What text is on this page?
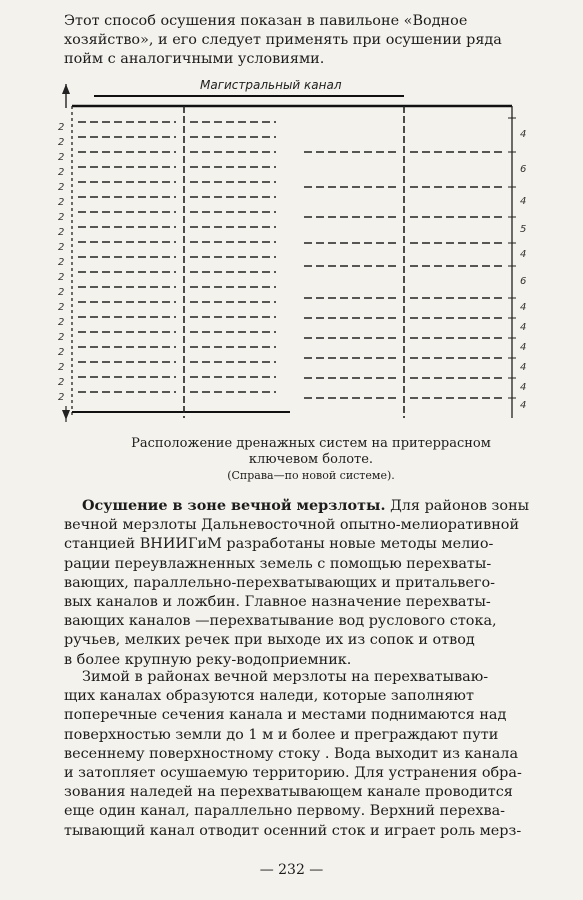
Этот способ осушения показан в павильоне «Водное
хозяйство», и его следует применять при осушении ряда
пойм с аналогичными условиями.

Магистральный канал
4
6
4
5
4
6
4
4
4
4
4
4
2
2
2
2
2
2
2
2
2
2
2
2
2
2
2
2
2
2
2
Расположение дренажных систем на притеррасном
ключевом болоте.
(Справа—по новой системе).

Осушение в зоне вечной мерзлоты. Для районов зоны
вечной мерзлоты Дальневосточной опытно-мелиоративной
станцией ВНИИГиМ разработаны новые методы мелио-
рации переувлажненных земель с помощью перехваты-
вающих, параллельно-перехватывающих и притальвего-
вых каналов и ложбин. Главное назначение перехваты-
вающих каналов —перехватывание вод руслового стока,
ручьев, мелких речек при выходе их из сопок и отвод
в более крупную реку-водоприемник.

Зимой в районах вечной мерзлоты на перехватываю-
щих каналах образуются наледи, которые заполняют
поперечные сечения канала и местами поднимаются над
поверхностью земли до 1 м и более и преграждают пути
весеннему поверхностному стоку . Вода выходит из канала
и затопляет осушаемую территорию. Для устранения обра-
зования наледей на перехватывающем канале проводится
еще один канал, параллельно первому. Верхний перехва-
тывающий канал отводит осенний сток и играет роль мерз-

— 232 —
